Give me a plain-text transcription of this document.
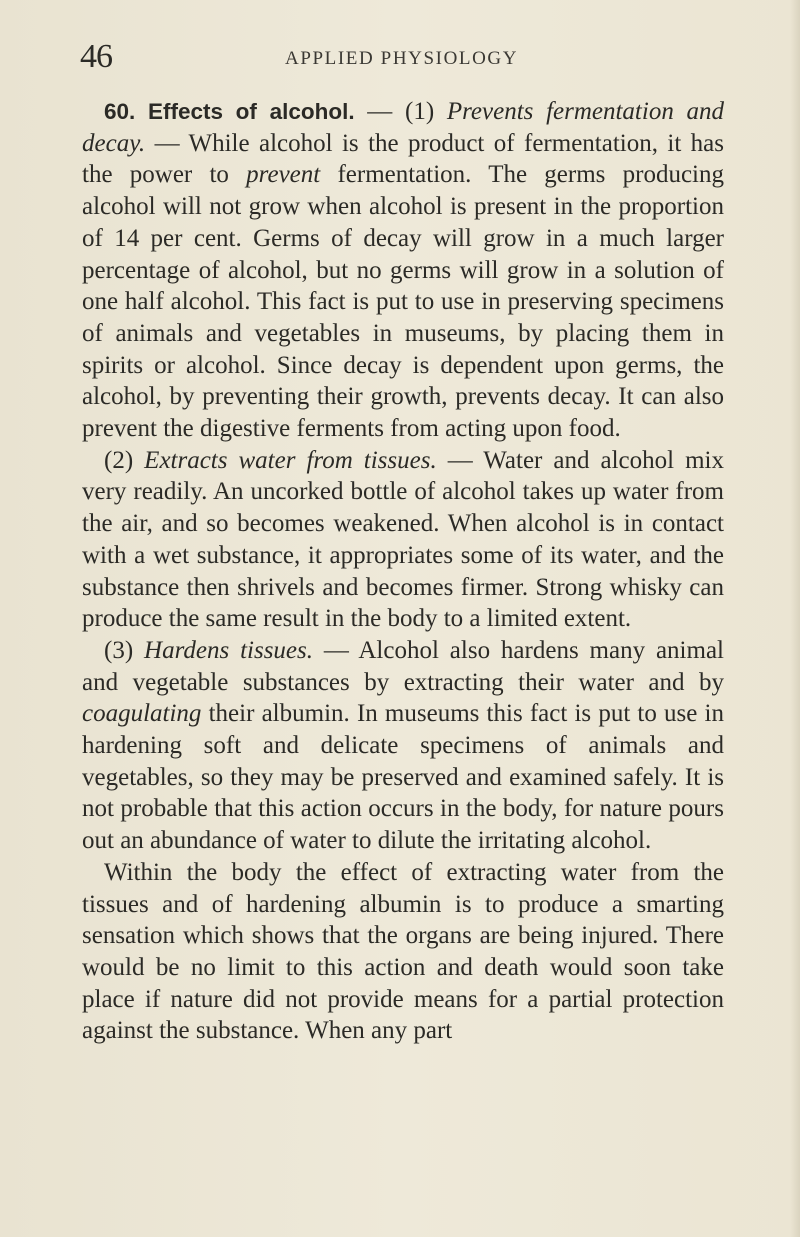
46	APPLIED PHYSIOLOGY

60. Effects of alcohol. — (1) Prevents fermentation and decay. — While alcohol is the product of fermentation, it has the power to prevent fermentation. The germs producing alcohol will not grow when alcohol is present in the proportion of 14 per cent. Germs of decay will grow in a much larger percentage of alcohol, but no germs will grow in a solution of one half alcohol. This fact is put to use in preserving specimens of animals and vegetables in museums, by placing them in spirits or alcohol. Since decay is dependent upon germs, the alcohol, by preventing their growth, prevents decay. It can also prevent the digestive ferments from acting upon food.

(2) Extracts water from tissues. — Water and alcohol mix very readily. An uncorked bottle of alcohol takes up water from the air, and so becomes weakened. When alcohol is in contact with a wet substance, it appropriates some of its water, and the substance then shrivels and becomes firmer. Strong whisky can produce the same result in the body to a limited extent.

(3) Hardens tissues. — Alcohol also hardens many animal and vegetable substances by extracting their water and by coagulating their albumin. In museums this fact is put to use in hardening soft and delicate specimens of animals and vegetables, so they may be preserved and examined safely. It is not probable that this action occurs in the body, for nature pours out an abundance of water to dilute the irritating alcohol.

Within the body the effect of extracting water from the tissues and of hardening albumin is to produce a smarting sensation which shows that the organs are being injured. There would be no limit to this action and death would soon take place if nature did not provide means for a partial protection against the substance. When any part
